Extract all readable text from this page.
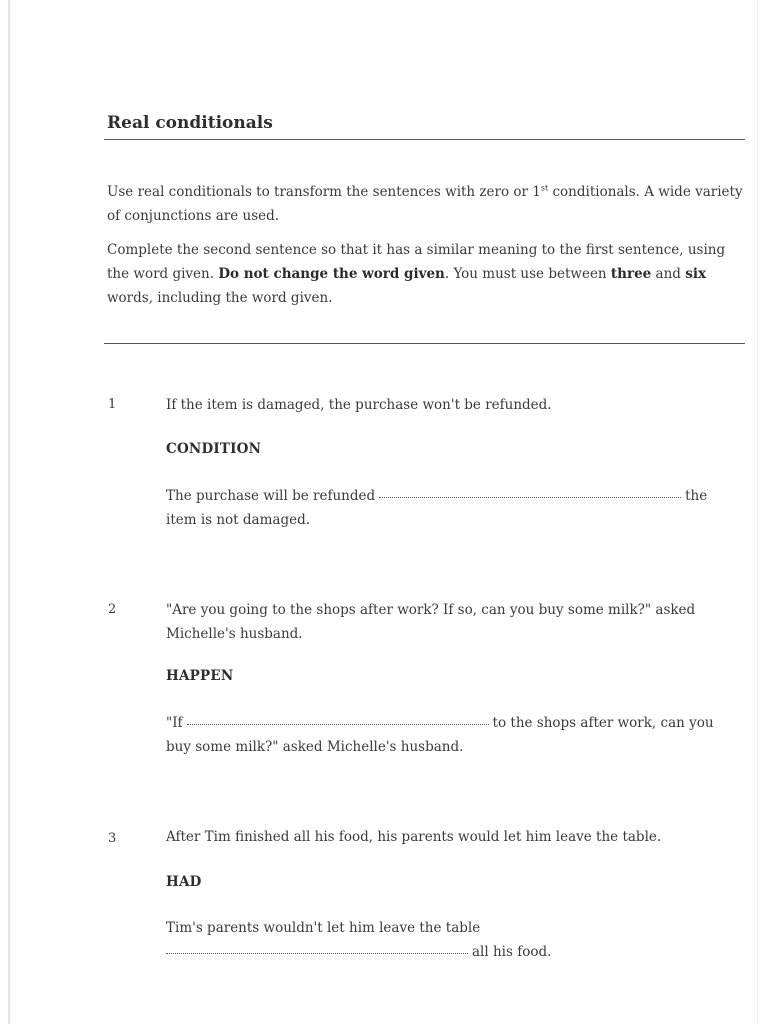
Real conditionals

Use real conditionals to transform the sentences with zero or 1st conditionals. A wide variety of conjunctions are used.

Complete the second sentence so that it has a similar meaning to the first sentence, using the word given. Do not change the word given. You must use between three and six words, including the word given.

1	If the item is damaged, the purchase won't be refunded.

CONDITION
The purchase will be refunded	the
item is not damaged.
2	"Are you going to the shops after work? If so, can you buy some milk?" asked Michelle's husband.

HAPPEN
"If	to the shops after work, can you
buy some milk?" asked Michelle's husband.
3	After Tim finished all his food, his parents would let him leave the table.

HAD
Tim's parents wouldn't let him leave the table
all his food.
